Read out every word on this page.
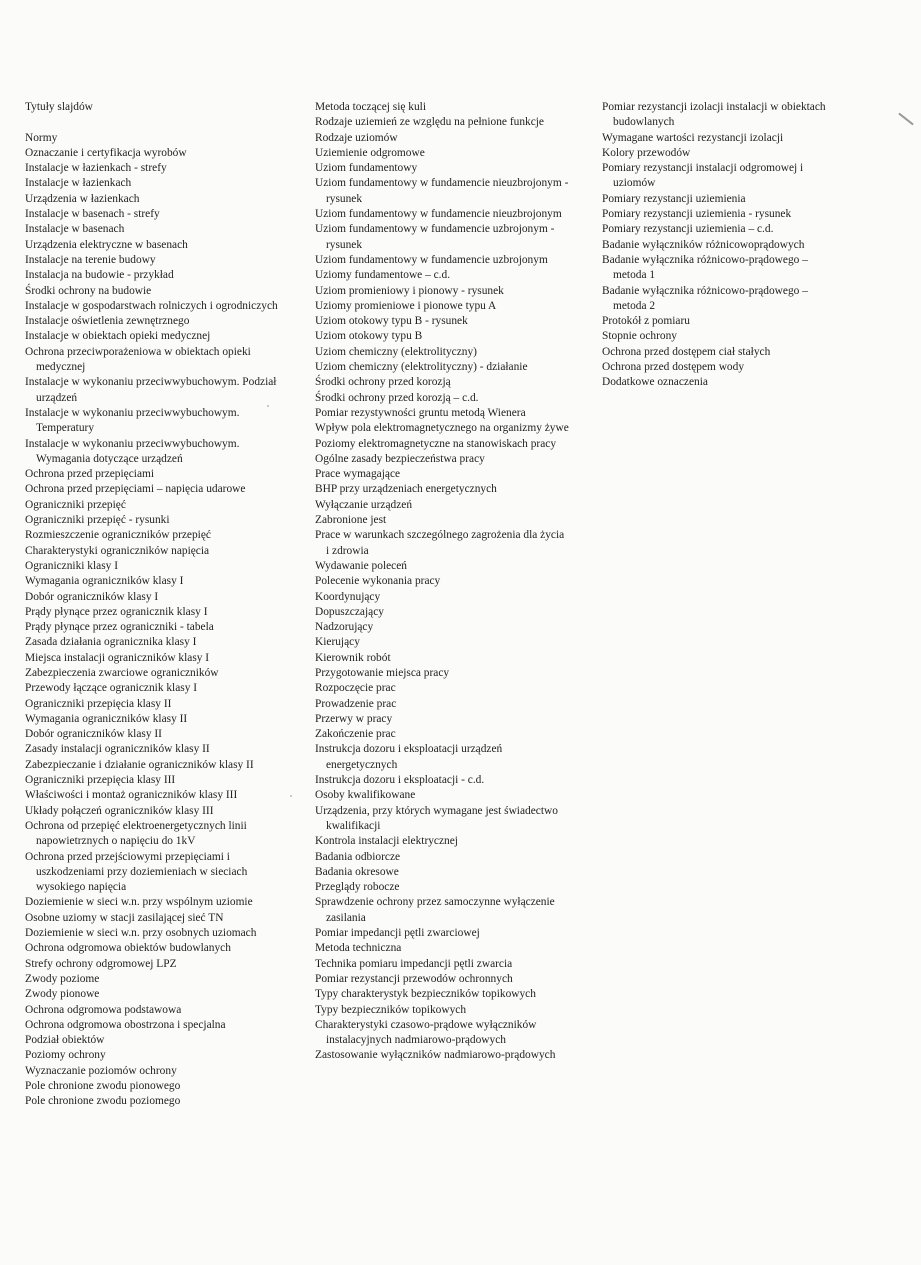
Tytuły slajdów

Normy

Oznaczanie i certyfikacja wyrobów

Instalacje w łazienkach - strefy

Instalacje w łazienkach

Urządzenia w łazienkach

Instalacje w basenach - strefy

Instalacje w basenach

Urządzenia elektryczne w basenach

Instalacje na terenie budowy

Instalacja na budowie - przykład

Środki ochrony na budowie

Instalacje w gospodarstwach rolniczych i ogrodniczych

Instalacje oświetlenia zewnętrznego

Instalacje w obiektach opieki medycznej

Ochrona przeciwporażeniowa w obiektach opieki medycznej

Instalacje w wykonaniu przeciwwybuchowym. Podział urządzeń

Instalacje w wykonaniu przeciwwybuchowym. Temperatury

Instalacje w wykonaniu przeciwwybuchowym. Wymagania dotyczące urządzeń

Ochrona przed przepięciami

Ochrona przed przepięciami – napięcia udarowe

Ograniczniki przepięć

Ograniczniki przepięć - rysunki

Rozmieszczenie ograniczników przepięć

Charakterystyki ograniczników napięcia

Ograniczniki klasy I

Wymagania ograniczników klasy I

Dobór ograniczników klasy I

Prądy płynące przez ogranicznik klasy I

Prądy płynące przez ograniczniki - tabela

Zasada działania ogranicznika klasy I

Miejsca instalacji ograniczników klasy I

Zabezpieczenia zwarciowe ograniczników

Przewody łączące ogranicznik klasy I

Ograniczniki przepięcia klasy II

Wymagania ograniczników klasy II

Dobór ograniczników klasy II

Zasady instalacji ograniczników klasy II

Zabezpieczanie i działanie ograniczników klasy II

Ograniczniki przepięcia klasy III

Właściwości i montaż ograniczników klasy III

Układy połączeń ograniczników klasy III

Ochrona od przepięć elektroenergetycznych linii napowietrznych o napięciu do 1kV

Ochrona przed przejściowymi przepięciami i uszkodzeniami przy doziemieniach w sieciach wysokiego napięcia

Doziemienie w sieci w.n. przy wspólnym uziomie

Osobne uziomy w stacji zasilającej sieć TN

Doziemienie w sieci w.n. przy osobnych uziomach

Ochrona odgromowa obiektów budowlanych

Strefy ochrony odgromowej LPZ

Zwody poziome

Zwody pionowe

Ochrona odgromowa podstawowa

Ochrona odgromowa obostrzona i specjalna

Podział obiektów

Poziomy ochrony

Wyznaczanie poziomów ochrony

Pole chronione zwodu pionowego

Pole chronione zwodu poziomego

Metoda toczącej się kuli

Rodzaje uziemień ze względu na pełnione funkcje

Rodzaje uziomów

Uziemienie odgromowe

Uziom fundamentowy

Uziom fundamentowy w fundamencie nieuzbrojonym - rysunek

Uziom fundamentowy w fundamencie nieuzbrojonym

Uziom fundamentowy w fundamencie uzbrojonym - rysunek

Uziom fundamentowy w fundamencie uzbrojonym

Uziomy fundamentowe – c.d.

Uziom promieniowy i pionowy - rysunek

Uziomy promieniowe i pionowe typu A

Uziom otokowy typu B - rysunek

Uziom otokowy typu B

Uziom chemiczny (elektrolityczny)

Uziom chemiczny (elektrolityczny) - działanie

Środki ochrony przed korozją

Środki ochrony przed korozją – c.d.

Pomiar rezystywności gruntu metodą Wienera

Wpływ pola elektromagnetycznego na organizmy żywe

Poziomy elektromagnetyczne na stanowiskach pracy

Ogólne zasady bezpieczeństwa pracy

Prace wymagające

BHP przy urządzeniach energetycznych

Wyłączanie urządzeń

Zabronione jest

Prace w warunkach szczególnego zagrożenia dla życia i zdrowia

Wydawanie poleceń

Polecenie wykonania pracy

Koordynujący

Dopuszczający

Nadzorujący

Kierujący

Kierownik robót

Przygotowanie miejsca pracy

Rozpoczęcie prac

Prowadzenie prac

Przerwy w pracy

Zakończenie prac

Instrukcja dozoru i eksploatacji urządzeń energetycznych

Instrukcja dozoru i eksploatacji - c.d.

Osoby kwalifikowane

Urządzenia, przy których wymagane jest świadectwo kwalifikacji

Kontrola instalacji elektrycznej

Badania odbiorcze

Badania okresowe

Przeglądy robocze

Sprawdzenie ochrony przez samoczynne wyłączenie zasilania

Pomiar impedancji pętli zwarciowej

Metoda techniczna

Technika pomiaru impedancji pętli zwarcia

Pomiar rezystancji przewodów ochronnych

Typy charakterystyk bezpieczników topikowych

Typy bezpieczników topikowych

Charakterystyki czasowo-prądowe wyłączników instalacyjnych nadmiarowo-prądowych

Zastosowanie wyłączników nadmiarowo-prądowych

Pomiar rezystancji izolacji instalacji w obiektach budowlanych

Wymagane wartości rezystancji izolacji

Kolory przewodów

Pomiary rezystancji instalacji odgromowej i uziomów

Pomiary rezystancji uziemienia

Pomiary rezystancji uziemienia - rysunek

Pomiary rezystancji uziemienia – c.d.

Badanie wyłączników różnicowoprądowych

Badanie wyłącznika różnicowo-prądowego – metoda 1

Badanie wyłącznika różnicowo-prądowego – metoda 2

Protokół z pomiaru

Stopnie ochrony

Ochrona przed dostępem ciał stałych

Ochrona przed dostępem wody

Dodatkowe oznaczenia
